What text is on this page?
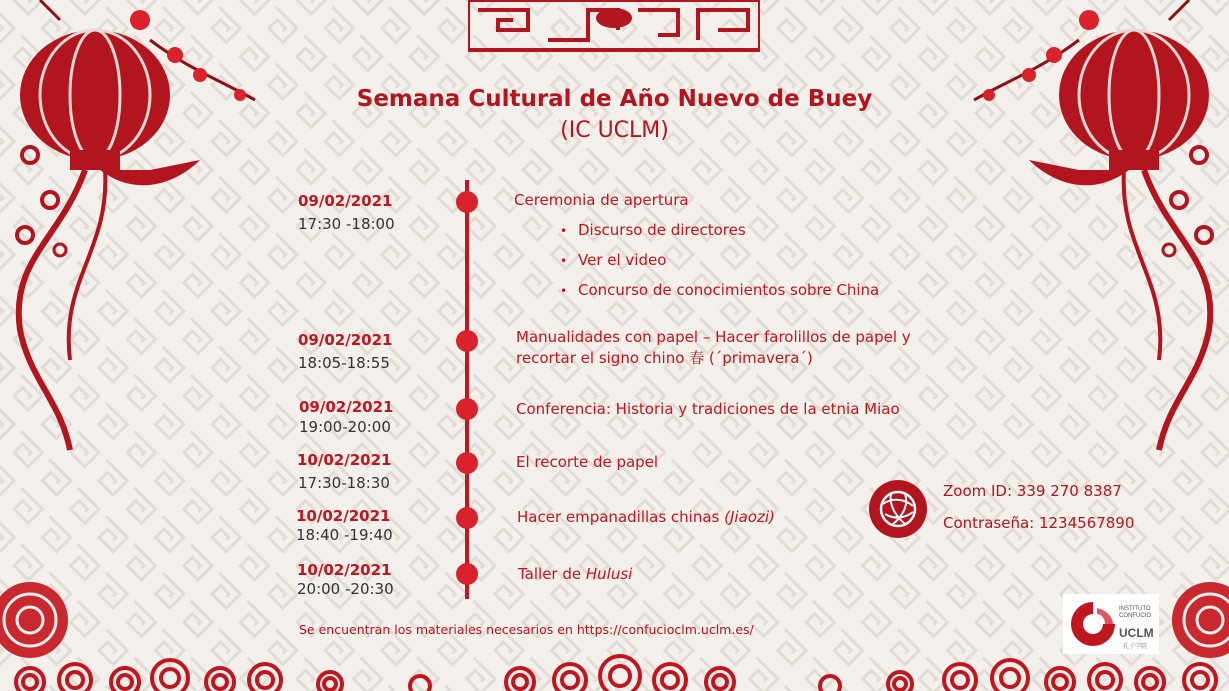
Semana Cultural de Año Nuevo de Buey
(IC UCLM)
09/02/2021
17:30 -18:00
Ceremonia de apertura
• Discurso de directores
• Ver el video
• Concurso de conocimientos sobre China
09/02/2021
18:05-18:55
Manualidades con papel – Hacer farolillos de papel y
recortar el signo chino 春 (´primavera´)
09/02/2021
19:00-20:00
Conferencia: Historia y tradiciones de la etnia Miao
10/02/2021
17:30-18:30
El recorte de papel
10/02/2021
18:40 -19:40
Hacer empanadillas chinas (Jiaozi)
10/02/2021
20:00 -20:30
Taller de Hulusi
Zoom ID: 339 270 8387
Contraseña: 1234567890
Se encuentran los materiales necesarios en https://confucioclm.uclm.es/
INSTITUTO
CONFUCIO
UCLM
孔子学院
